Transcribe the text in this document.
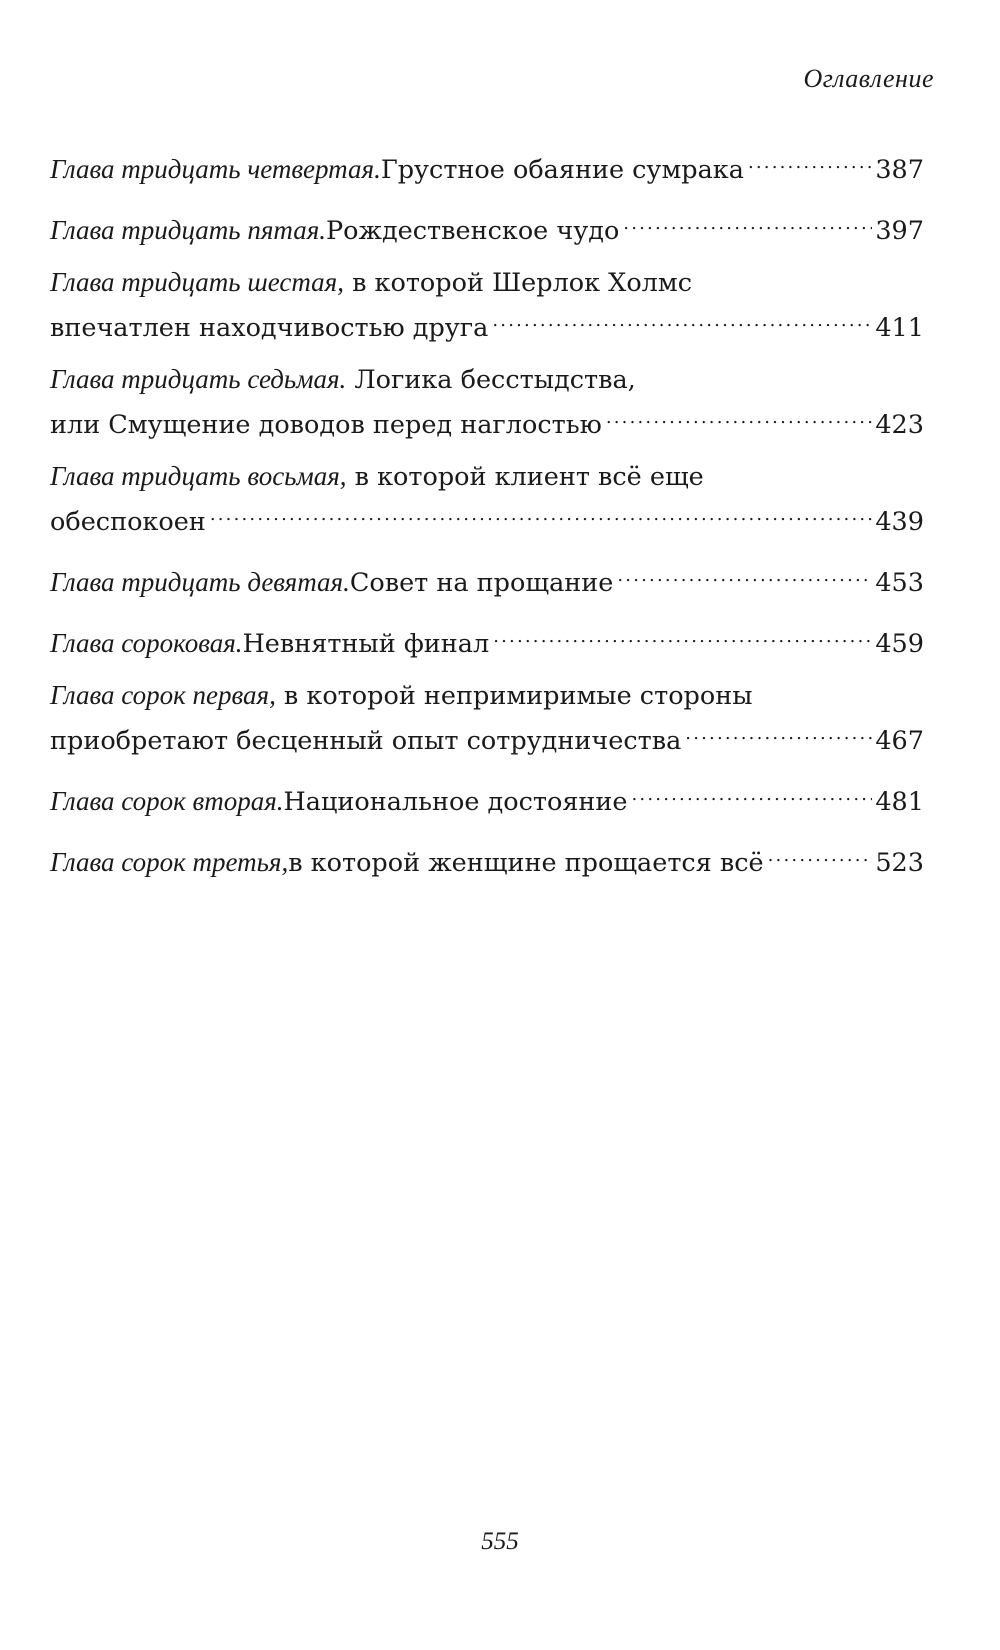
Оглавление
Глава тридцать четвертая. Грустное обаяние сумрака .....	387
Глава тридцать пятая. Рождественское чудо .....	397
Глава тридцать шестая, в которой Шерлок Холмс
впечатлен находчивостью друга .....	411
Глава тридцать седьмая. Логика бесстыдства,
или Смущение доводов перед наглостью .....	423
Глава тридцать восьмая, в которой клиент всё еще
обеспокоен .....	439
Глава тридцать девятая. Совет на прощание .....	453
Глава сороковая. Невнятный финал .....	459
Глава сорок первая, в которой непримиримые стороны
приобретают бесценный опыт сотрудничества .....	467
Глава сорок вторая. Национальное достояние .....	481
Глава сорок третья, в которой женщине прощается всё .....	523
555
